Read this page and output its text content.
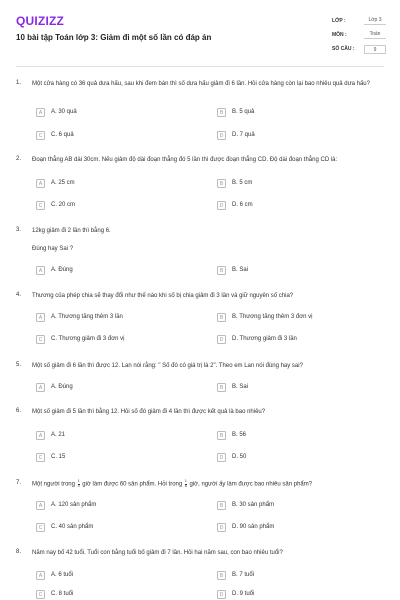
QUIZIZZ
10 bài tập Toán lớp 3: Giảm đi một số lần có đáp án
LỚP :	Lớp 3
MÔN :	Toán
SỐ CÂU :	9
1. Một cửa hàng có 36 quả dưa hấu, sau khi đem bán thì số dưa hấu giảm đi 6 lần. Hỏi cửa hàng còn lại bao nhiêu quả dưa hấu?
A	A. 30 quả	B	B. 5 quả
C	C. 6 quả	D	D. 7 quả
2. Đoạn thẳng AB dài 30cm. Nếu giảm độ dài đoạn thẳng đó 5 lần thì được đoạn thẳng CD. Độ dài đoạn thẳng CD là:
A	A. 25 cm	B	B. 5 cm
C	C. 20 cm	D	D. 6 cm
3. 12kg giảm đi 2 lần thì bằng 6.
Đúng hay Sai ?
A	A. Đúng	B	B. Sai
4. Thương của phép chia sẽ thay đổi như thế nào khi số bị chia giảm đi 3 lần và giữ nguyên số chia?
A	A. Thương tăng thêm 3 lần	B	B. Thương tăng thêm 3 đơn vị
C	C. Thương giảm đi 3 đơn vị	D	D. Thương giảm đi 3 lần
5. Một số giảm đi 6 lần thì được 12. Lan nói rằng: " Số đó có giá trị là 2". Theo em Lan nói đúng hay sai?
A	A. Đúng	B	B. Sai
6. Một số giảm đi 5 lần thì bằng 12. Hỏi số đó giảm đi 4 lần thì được kết quả là bao nhiêu?
A	A. 21	B	B. 56
C	C. 15	D	D. 50
7. Một người trong $\frac{1}{3}$ giờ làm được 60 sản phẩm. Hỏi trong $\frac{1}{6}$ giờ, người ấy làm được bao nhiêu sản phẩm?
A	A. 120 sản phẩm	B	B. 30 sản phẩm
C	C. 40 sản phẩm	D	D. 90 sản phẩm
8. Năm nay bố 42 tuổi. Tuổi con bằng tuổi bố giảm đi 7 lần. Hỏi hai năm sau, con bao nhiêu tuổi?
A	A. 6 tuổi	B	B. 7 tuổi
C	C. 8 tuổi	D	D. 9 tuổi
